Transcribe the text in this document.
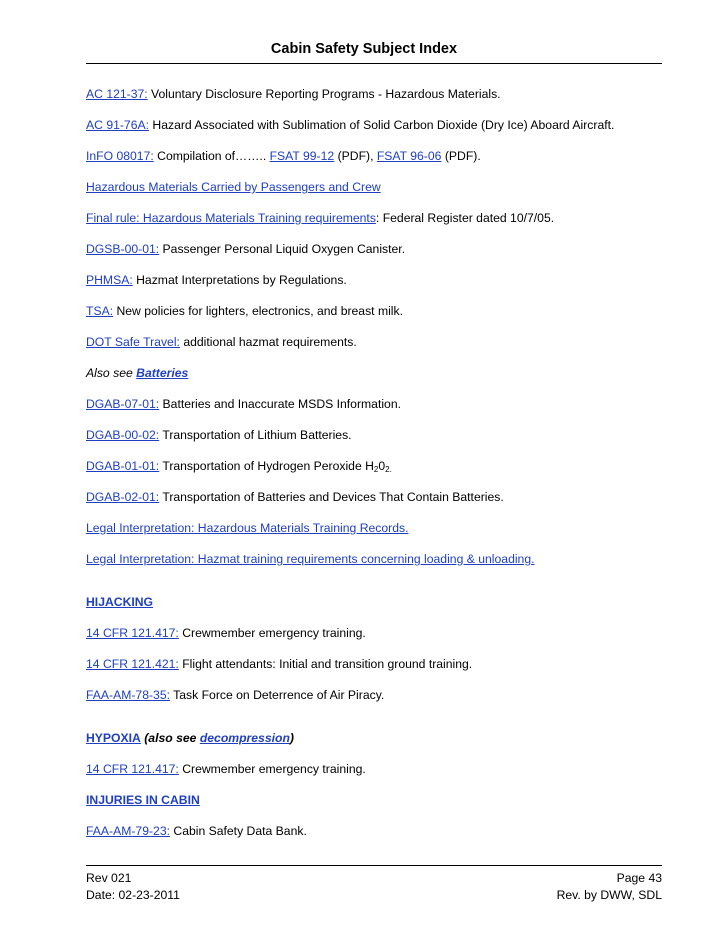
Cabin Safety Subject Index
AC 121-37: Voluntary Disclosure Reporting Programs - Hazardous Materials.
AC 91-76A: Hazard Associated with Sublimation of Solid Carbon Dioxide (Dry Ice) Aboard Aircraft.
InFO 08017: Compilation of…….. FSAT 99-12 (PDF), FSAT 96-06 (PDF).
Hazardous Materials Carried by Passengers and Crew
Final rule: Hazardous Materials Training requirements: Federal Register dated 10/7/05.
DGSB-00-01: Passenger Personal Liquid Oxygen Canister.
PHMSA: Hazmat Interpretations by Regulations.
TSA: New policies for lighters, electronics, and breast milk.
DOT Safe Travel: additional hazmat requirements.
Also see Batteries
DGAB-07-01: Batteries and Inaccurate MSDS Information.
DGAB-00-02: Transportation of Lithium Batteries.
DGAB-01-01: Transportation of Hydrogen Peroxide $H_20_{2.}$
DGAB-02-01: Transportation of Batteries and Devices That Contain Batteries.
Legal Interpretation: Hazardous Materials Training Records.
Legal Interpretation: Hazmat training requirements concerning loading & unloading.
HIJACKING
14 CFR 121.417: Crewmember emergency training.
14 CFR 121.421: Flight attendants: Initial and transition ground training.
FAA-AM-78-35: Task Force on Deterrence of Air Piracy.
HYPOXIA (also see decompression)
14 CFR 121.417: Crewmember emergency training.
INJURIES IN CABIN
FAA-AM-79-23: Cabin Safety Data Bank.
Rev 021	Page 43
Date: 02-23-2011	Rev. by DWW, SDL
